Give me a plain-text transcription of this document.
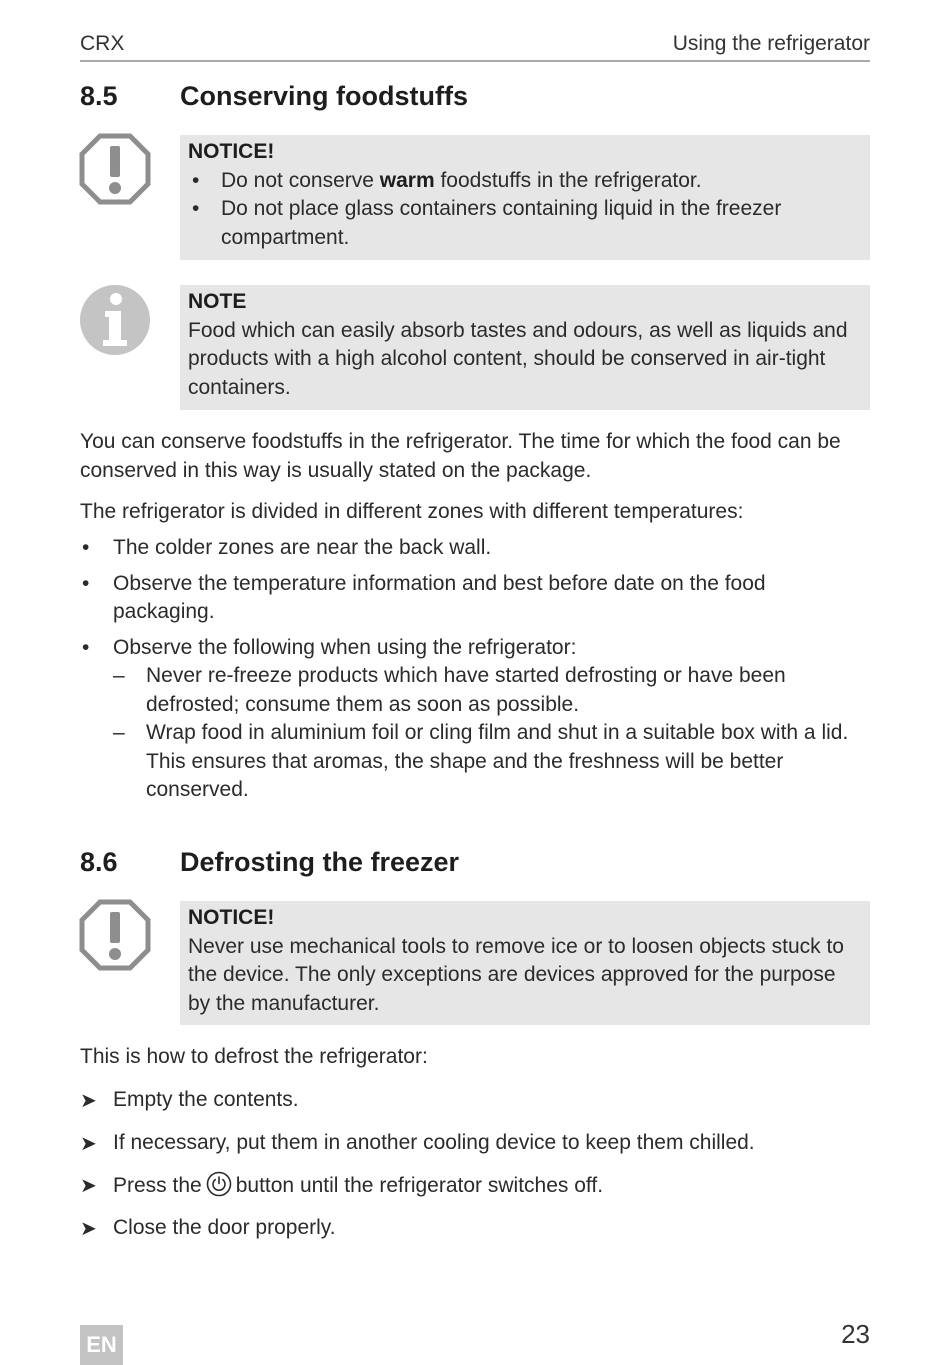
CRX	Using the refrigerator
8.5 Conserving foodstuffs
NOTICE!
• Do not conserve warm foodstuffs in the refrigerator.
• Do not place glass containers containing liquid in the freezer compartment.
NOTE
Food which can easily absorb tastes and odours, as well as liquids and products with a high alcohol content, should be conserved in air-tight containers.

You can conserve foodstuffs in the refrigerator. The time for which the food can be conserved in this way is usually stated on the package.

The refrigerator is divided in different zones with different temperatures:

• The colder zones are near the back wall.
• Observe the temperature information and best before date on the food packaging.
• Observe the following when using the refrigerator:
– Never re-freeze products which have started defrosting or have been defrosted; consume them as soon as possible.
– Wrap food in aluminium foil or cling film and shut in a suitable box with a lid. This ensures that aromas, the shape and the freshness will be better conserved.
8.6 Defrosting the freezer
NOTICE!
Never use mechanical tools to remove ice or to loosen objects stuck to the device. The only exceptions are devices approved for the purpose by the manufacturer.

This is how to defrost the refrigerator:

➤ Empty the contents.
➤ If necessary, put them in another cooling device to keep them chilled.
➤ Press the button until the refrigerator switches off.
➤ Close the door properly.
EN	23
